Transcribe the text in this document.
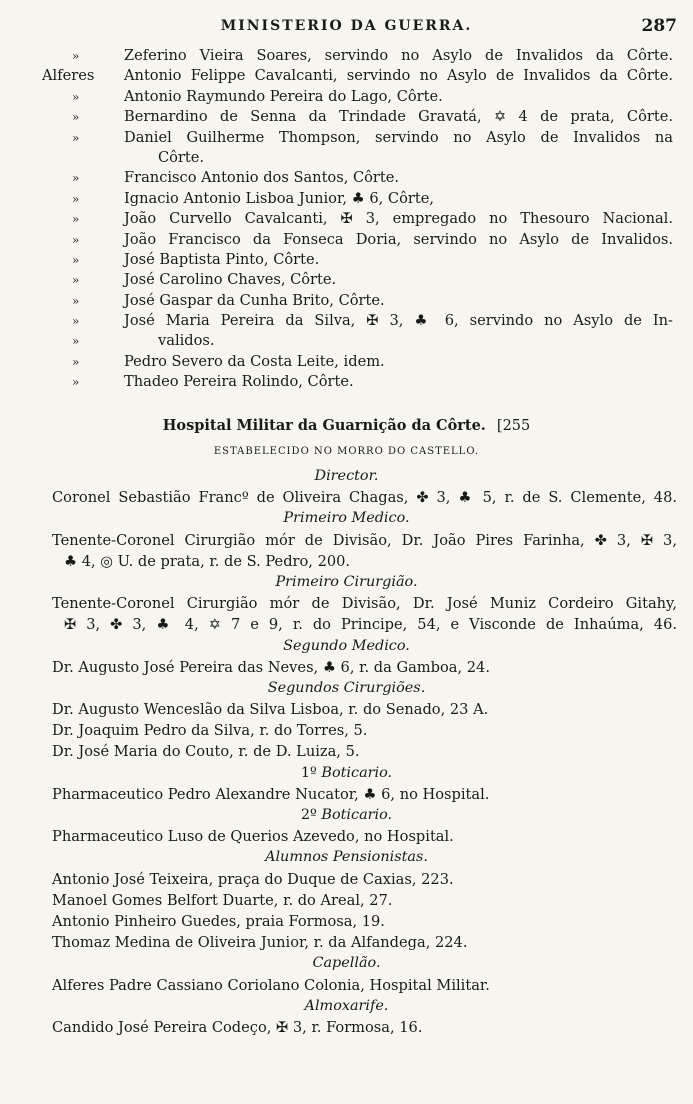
MINISTERIO DA GUERRA.	287
»	Zeferino Vieira Soares, servindo no Asylo de Invalidos da Côrte.
Alferes Antonio Felippe Cavalcanti, servindo no Asylo de Invalidos da Côrte.
»	Antonio Raymundo Pereira do Lago, Côrte.
»	Bernardino de Senna da Trindade Gravatá, ✡ 4 de prata, Côrte.
»	Daniel Guilherme Thompson, servindo no Asylo de Invalidos na
Côrte.
»	Francisco Antonio dos Santos, Côrte.
»	Ignacio Antonio Lisboa Junior, ♣ 6, Côrte,
»	João Curvello Cavalcanti, ✠ 3, empregado no Thesouro Nacional.
»	João Francisco da Fonseca Doria, servindo no Asylo de Invalidos.
»	José Baptista Pinto, Côrte.
»	José Carolino Chaves, Côrte.
»	José Gaspar da Cunha Brito, Côrte.
»	José Maria Pereira da Silva, ✠ 3, ♣ 6, servindo no Asylo de In-
»	validos.
»	Pedro Severo da Costa Leite, idem.
»	Thadeo Pereira Rolindo, Côrte.
Hospital Militar da Guarnição da Côrte. [255
ESTABELECIDO NO MORRO DO CASTELLO.
Director.
Coronel Sebastião Francº de Oliveira Chagas, ✤ 3, ♣ 5, r. de S. Clemente, 48.
Primeiro Medico.
Tenente-Coronel Cirurgião mór de Divisão, Dr. João Pires Farinha, ✤ 3, ✠ 3,
♣ 4, ◎ U. de prata, r. de S. Pedro, 200.
Primeiro Cirurgião.
Tenente-Coronel Cirurgião mór de Divisão, Dr. José Muniz Cordeiro Gitahy,
✠ 3, ✤ 3, ♣ 4, ✡ 7 e 9, r. do Principe, 54, e Visconde de Inhaúma, 46.
Segundo Medico.
Dr. Augusto José Pereira das Neves, ♣ 6, r. da Gamboa, 24.
Segundos Cirurgiões.
Dr. Augusto Wenceslão da Silva Lisboa, r. do Senado, 23 A.
Dr. Joaquim Pedro da Silva, r. do Torres, 5.
Dr. José Maria do Couto, r. de D. Luiza, 5.
1º Boticario.
Pharmaceutico Pedro Alexandre Nucator, ♣ 6, no Hospital.
2º Boticario.
Pharmaceutico Luso de Querios Azevedo, no Hospital.
Alumnos Pensionistas.
Antonio José Teixeira, praça do Duque de Caxias, 223.
Manoel Gomes Belfort Duarte, r. do Areal, 27.
Antonio Pinheiro Guedes, praia Formosa, 19.
Thomaz Medina de Oliveira Junior, r. da Alfandega, 224.
Capellão.
Alferes Padre Cassiano Coriolano Colonia, Hospital Militar.
Almoxarife.
Candido José Pereira Codeço, ✠ 3, r. Formosa, 16.
